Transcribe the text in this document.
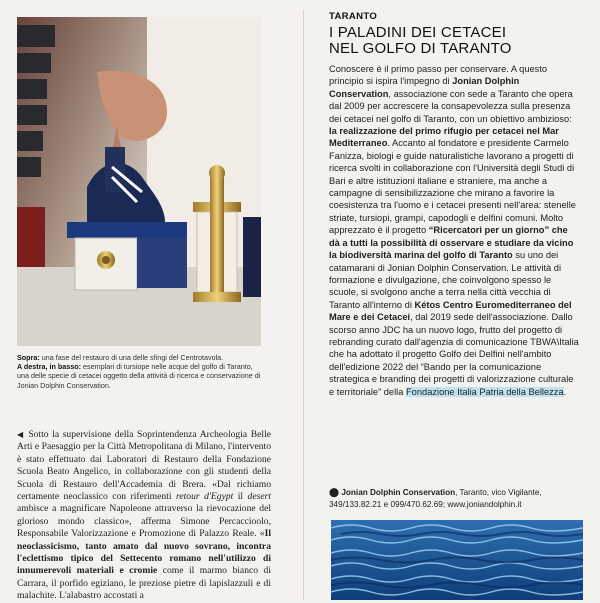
Sopra: una fase del restauro di una delle sfingi del Centrotavola.
A destra, in basso: esemplari di tursiope nelle acque del golfo di Taranto, una delle specie di cetacei oggetto della attività di ricerca e conservazione di Jonian Dolphin Conservation.

◀ Sotto la supervisione della Soprintendenza Archeologia Belle Arti e Paesaggio per la Città Metropolitana di Milano, l'intervento è stato effettuato dai Laboratori di Restauro della Fondazione Scuola Beato Angelico, in collaborazione con gli studenti della Scuola di Restauro dell'Accademia di Brera. «Dal richiamo certamente neoclassico con riferimenti retour d'Egypt il desert ambisce a magnificare Napoleone attraverso la rievocazione del glorioso mondo classico», afferma Simone Percaccioolo, Responsabile Valorizzazione e Promozione di Palazzo Reale. «Il neoclassicismo, tanto amato dal nuovo sovrano, incontra l'eclettismo tipico del Settecento romano nell'utilizzo di innumerevoli materiali e cromie come il marmo bianco di Carrara, il porfido egiziano, le preziose pietre di lapislazzuli e di malachite. L'alabastro accostati a

TARANTO
I PALADINI DEI CETACEI
NEL GOLFO DI TARANTO

Conoscere è il primo passo per conservare. A questo principio si ispira l'impegno di Jonian Dolphin Conservation, associazione con sede a Taranto che opera dal 2009 per accrescere la consapevolezza sulla presenza dei cetacei nel golfo di Taranto, con un obiettivo ambizioso: la realizzazione del primo rifugio per cetacei nel Mar Mediterraneo. Accanto al fondatore e presidente Carmelo Fanizza, biologi e guide naturalistiche lavorano a progetti di ricerca svolti in collaborazione con l'Università degli Studi di Bari e altre istituzioni italiane e straniere, ma anche a campagne di sensibilizzazione che mirano a favorire la coesistenza tra l'uomo e i cetacei presenti nell'area: stenelle striate, tursiopi, grampi, capodogli e delfini comuni. Molto apprezzato è il progetto “Ricercatori per un giorno” che dà a tutti la possibilità di osservare e studiare da vicino la biodiversità marina del golfo di Taranto su uno dei catamarani di Jonian Dolphin Conservation. Le attività di formazione e divulgazione, che coinvolgono spesso le scuole, si svolgono anche a terra nella città vecchia di Taranto all'interno di Kétos Centro Euromediterraneo del Mare e dei Cetacei, dal 2019 sede dell'associazione. Dallo scorso anno JDC ha un nuovo logo, frutto del progetto di rebranding curato dall'agenzia di comunicazione TBWA\Italia che ha adottato il progetto Golfo dei Delfini nell'ambito dell'edizione 2022 del “Bando per la comunicazione strategica e branding dei progetti di valorizzazione culturale e territoriale” della Fondazione Italia Patria della Bellezza.

⬤ Jonian Dolphin Conservation, Taranto, vico Vigilante, 349/133.82.21 e 099/470.62.69; www.joniandolphin.it
